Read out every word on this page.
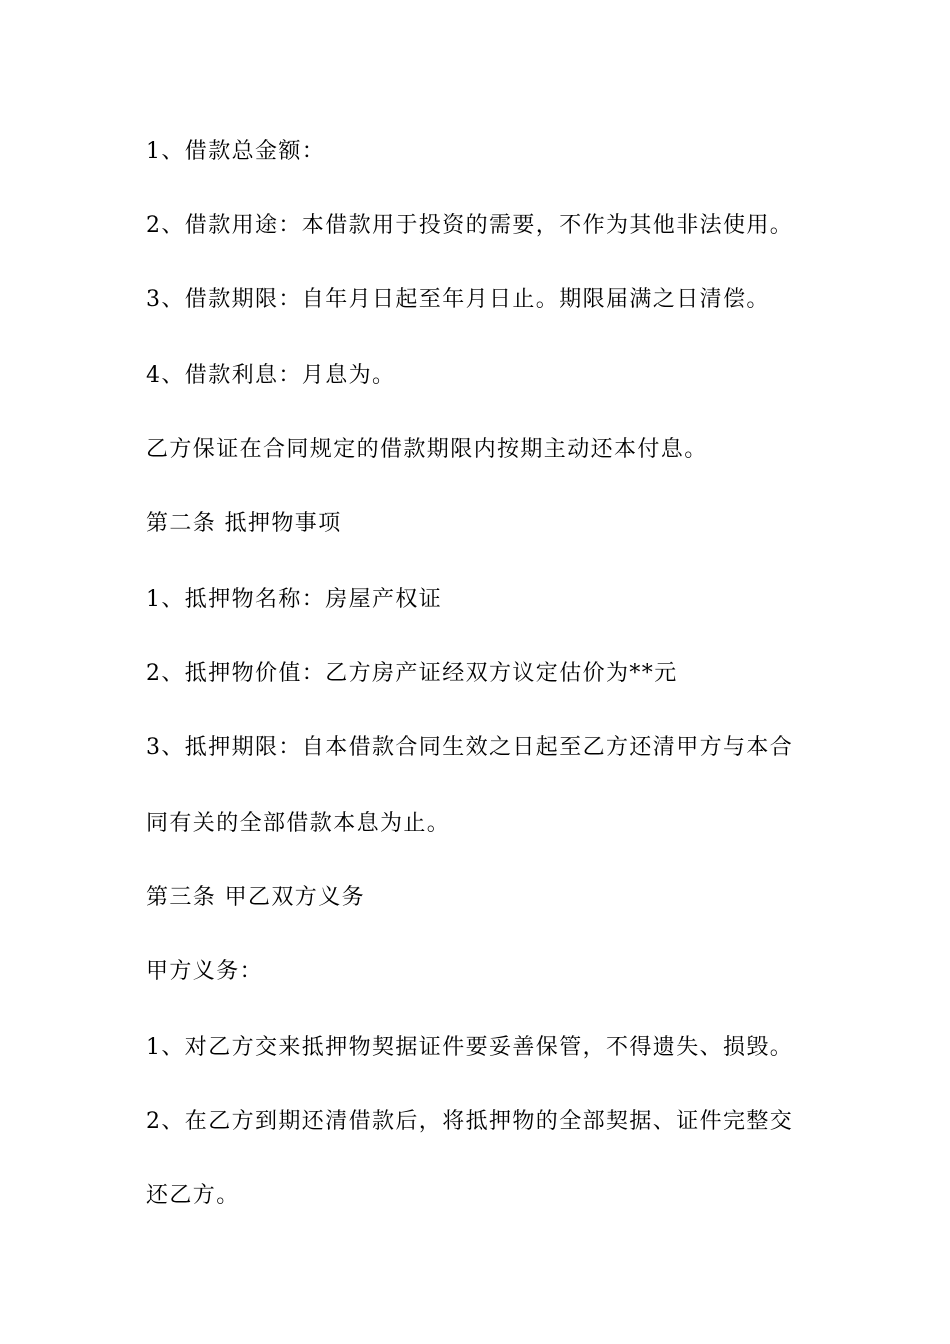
1、借款总金额：
2、借款用途：本借款用于投资的需要，不作为其他非法使用。
3、借款期限：自年月日起至年月日止。期限届满之日清偿。
4、借款利息：月息为。
乙方保证在合同规定的借款期限内按期主动还本付息。
第二条 抵押物事项
1、抵押物名称：房屋产权证
2、抵押物价值：乙方房产证经双方议定估价为**元
3、抵押期限：自本借款合同生效之日起至乙方还清甲方与本合
同有关的全部借款本息为止。
第三条 甲乙双方义务
甲方义务：
1、对乙方交来抵押物契据证件要妥善保管，不得遗失、损毁。
2、在乙方到期还清借款后，将抵押物的全部契据、证件完整交
还乙方。
